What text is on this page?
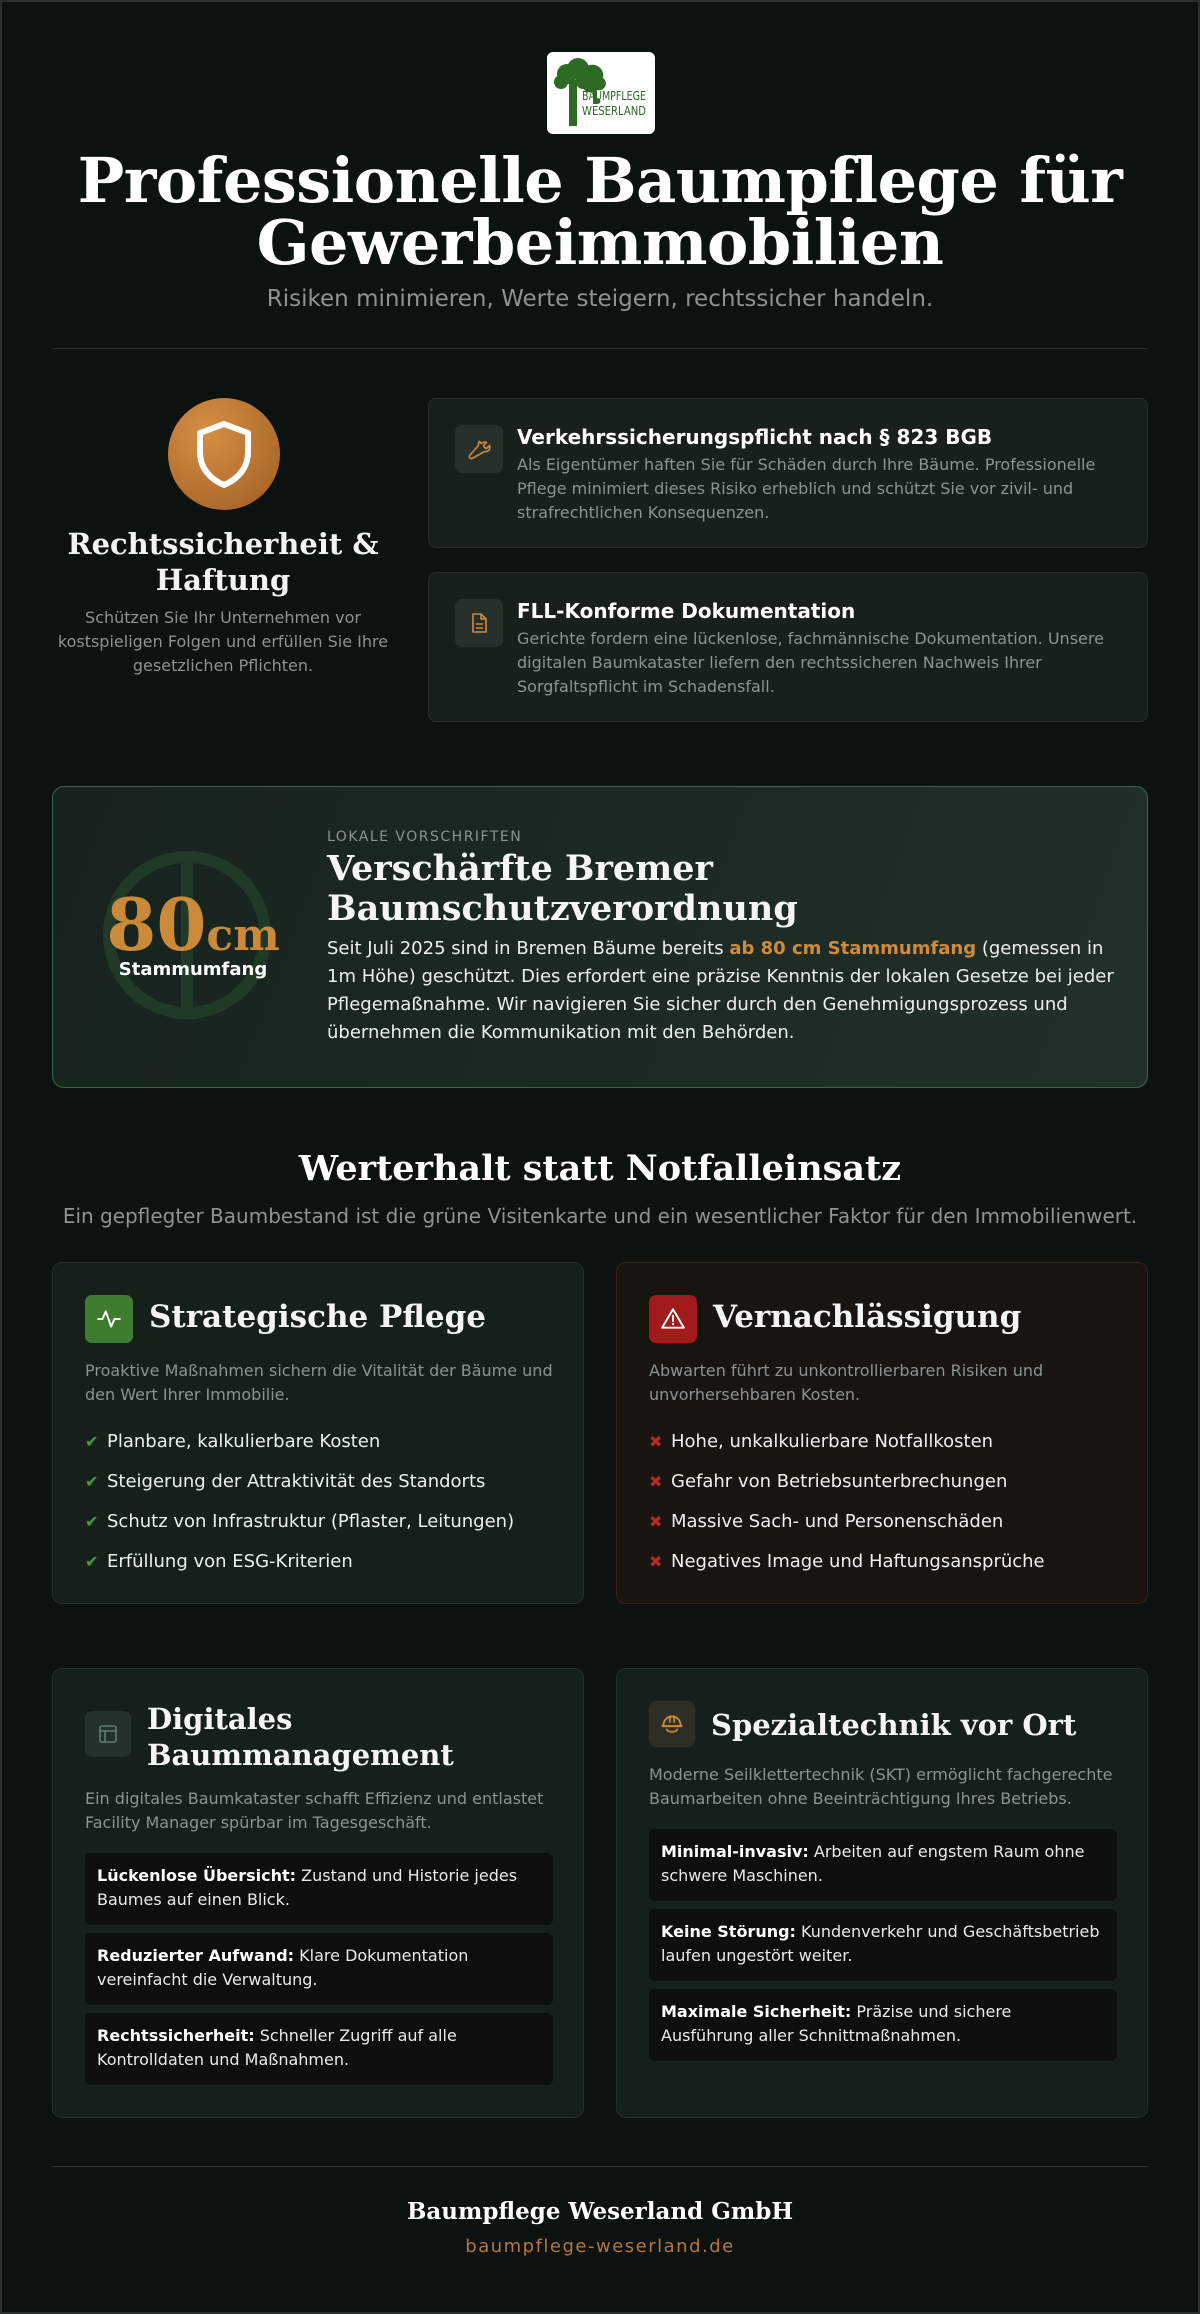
BAUMPFLEGE
WESERLAND
Professionelle Baumpflege für Gewerbeimmobilien
Risiken minimieren, Werte steigern, rechtssicher handeln.
Rechtssicherheit & Haftung

Schützen Sie Ihr Unternehmen vor kostspieligen Folgen und erfüllen Sie Ihre gesetzlichen Pflichten.

Verkehrssicherungspflicht nach § 823 BGB

Als Eigentümer haften Sie für Schäden durch Ihre Bäume. Professionelle Pflege minimiert dieses Risiko erheblich und schützt Sie vor zivil- und strafrechtlichen Konsequenzen.

FLL-Konforme Dokumentation

Gerichte fordern eine lückenlose, fachmännische Dokumentation. Unsere digitalen Baumkataster liefern den rechtssicheren Nachweis Ihrer Sorgfaltspflicht im Schadensfall.

80cm
Stammumfang
LOKALE VORSCHRIFTEN
Verschärfte Bremer Baumschutzverordnung

Seit Juli 2025 sind in Bremen Bäume bereits ab 80 cm Stammumfang (gemessen in 1m Höhe) geschützt. Dies erfordert eine präzise Kenntnis der lokalen Gesetze bei jeder Pflegemaßnahme. Wir navigieren Sie sicher durch den Genehmigungsprozess und übernehmen die Kommunikation mit den Behörden.

Werterhalt statt Notfalleinsatz

Ein gepflegter Baumbestand ist die grüne Visitenkarte und ein wesentlicher Faktor für den Immobilienwert.

Strategische Pflege

Proaktive Maßnahmen sichern die Vitalität der Bäume und den Wert Ihrer Immobilie.

✔ Planbare, kalkulierbare Kosten
✔ Steigerung der Attraktivität des Standorts
✔ Schutz von Infrastruktur (Pflaster, Leitungen)
✔ Erfüllung von ESG-Kriterien
Vernachlässigung

Abwarten führt zu unkontrollierbaren Risiken und unvorhersehbaren Kosten.

✖ Hohe, unkalkulierbare Notfallkosten
✖ Gefahr von Betriebsunterbrechungen
✖ Massive Sach- und Personenschäden
✖ Negatives Image und Haftungsansprüche
Digitales Baummanagement

Ein digitales Baumkataster schafft Effizienz und entlastet Facility Manager spürbar im Tagesgeschäft.

Lückenlose Übersicht: Zustand und Historie jedes Baumes auf einen Blick.
Reduzierter Aufwand: Klare Dokumentation vereinfacht die Verwaltung.
Rechtssicherheit: Schneller Zugriff auf alle Kontrolldaten und Maßnahmen.
Spezialtechnik vor Ort

Moderne Seilklettertechnik (SKT) ermöglicht fachgerechte Baumarbeiten ohne Beeinträchtigung Ihres Betriebs.

Minimal-invasiv: Arbeiten auf engstem Raum ohne schwere Maschinen.
Keine Störung: Kundenverkehr und Geschäftsbetrieb laufen ungestört weiter.
Maximale Sicherheit: Präzise und sichere Ausführung aller Schnittmaßnahmen.
Baumpflege Weserland GmbH
baumpflege-weserland.de
